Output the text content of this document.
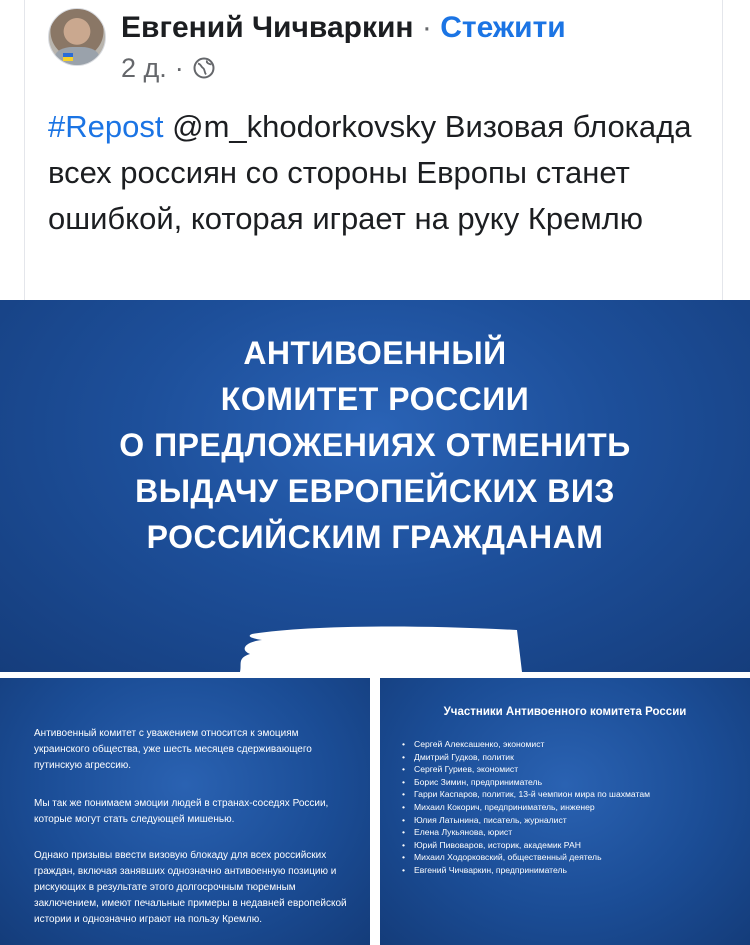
Евгений Чичваркин · Стежити
2 д. ·
#Repost @m_khodorkovsky Визовая блокада всех россиян со стороны Европы станет ошибкой, которая играет на руку Кремлю
АНТИВОЕННЫЙ
КОМИТЕТ РОССИИ
О ПРЕДЛОЖЕНИЯХ ОТМЕНИТЬ
ВЫДАЧУ ЕВРОПЕЙСКИХ ВИЗ
РОССИЙСКИМ ГРАЖДАНАМ
Антивоенный комитет с уважением относится к эмоциям украинского общества, уже шесть месяцев сдерживающего путинскую агрессию.
Мы так же понимаем эмоции людей в странах-соседях России, которые могут стать следующей мишенью.
Однако призывы ввести визовую блокаду для всех российских граждан, включая занявших однозначно антивоенную позицию и рискующих в результате этого долгосрочным тюремным заключением, имеют печальные примеры в недавней европейской истории и однозначно играют на пользу Кремлю.
Участники Антивоенного комитета России
• Сергей Алексашенко, экономист
• Дмитрий Гудков, политик
• Сергей Гуриев, экономист
• Борис Зимин, предприниматель
• Гарри Каспаров, политик, 13-й чемпион мира по шахматам
• Михаил Кокорич, предприниматель, инженер
• Юлия Латынина, писатель, журналист
• Елена Лукьянова, юрист
• Юрий Пивоваров, историк, академик РАН
• Михаил Ходорковский, общественный деятель
• Евгений Чичваркин, предприниматель
